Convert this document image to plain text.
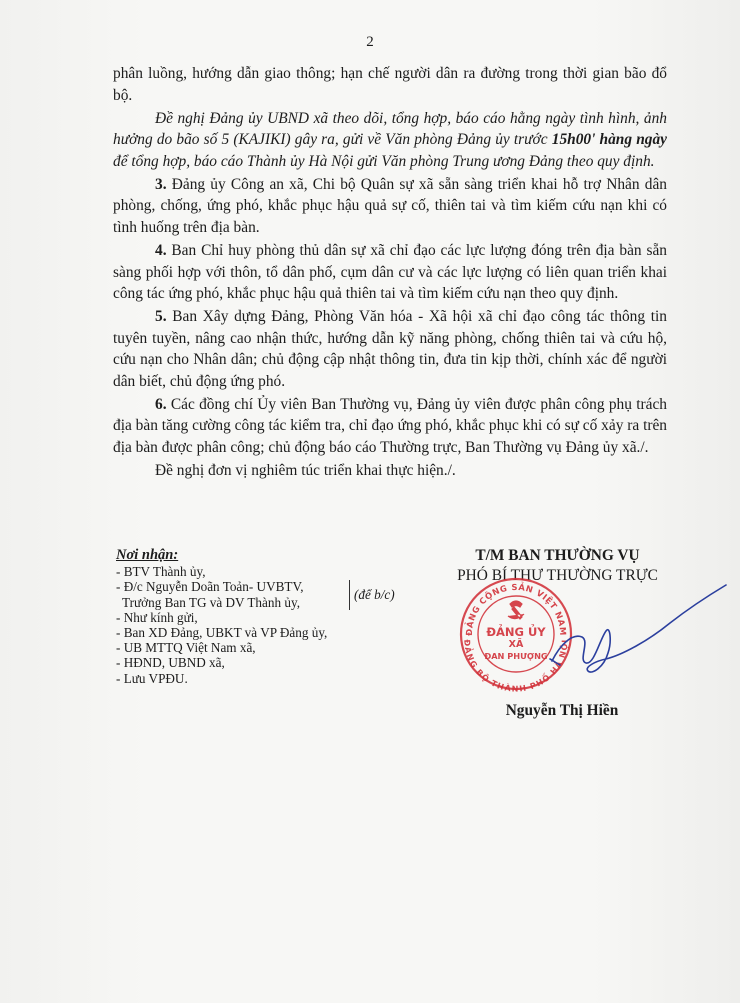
2

phân luồng, hướng dẫn giao thông; hạn chế người dân ra đường trong thời gian bão đổ bộ.

Đề nghị Đảng ủy UBND xã theo dõi, tổng hợp, báo cáo hằng ngày tình hình, ảnh hưởng do bão số 5 (KAJIKI) gây ra, gửi về Văn phòng Đảng ủy trước 15h00' hàng ngày để tổng hợp, báo cáo Thành ủy Hà Nội gửi Văn phòng Trung ương Đảng theo quy định.

3. Đảng ủy Công an xã, Chi bộ Quân sự xã sẵn sàng triển khai hỗ trợ Nhân dân phòng, chống, ứng phó, khắc phục hậu quả sự cố, thiên tai và tìm kiếm cứu nạn khi có tình huống trên địa bàn.

4. Ban Chỉ huy phòng thủ dân sự xã chỉ đạo các lực lượng đóng trên địa bàn sẵn sàng phối hợp với thôn, tổ dân phố, cụm dân cư và các lực lượng có liên quan triển khai công tác ứng phó, khắc phục hậu quả thiên tai và tìm kiếm cứu nạn theo quy định.

5. Ban Xây dựng Đảng, Phòng Văn hóa - Xã hội xã chỉ đạo công tác thông tin tuyên tuyền, nâng cao nhận thức, hướng dẫn kỹ năng phòng, chống thiên tai và cứu hộ, cứu nạn cho Nhân dân; chủ động cập nhật thông tin, đưa tin kịp thời, chính xác để người dân biết, chủ động ứng phó.

6. Các đồng chí Ủy viên Ban Thường vụ, Đảng ủy viên được phân công phụ trách địa bàn tăng cường công tác kiểm tra, chỉ đạo ứng phó, khắc phục khi có sự cố xảy ra trên địa bàn được phân công; chủ động báo cáo Thường trực, Ban Thường vụ Đảng ủy xã./.

Đề nghị đơn vị nghiêm túc triển khai thực hiện./.

Nơi nhận:
- BTV Thành ủy,
- Đ/c Nguyễn Doãn Toản- UVBTV,
Trưởng Ban TG và DV Thành ủy,	(để b/c)
- Như kính gửi,
- Ban XD Đảng, UBKT và VP Đảng ủy,
- UB MTTQ Việt Nam xã,
- HĐND, UBND xã,
- Lưu VPĐU.
T/M BAN THƯỜNG VỤ
PHÓ BÍ THƯ THƯỜNG TRỰC
ĐẢNG CỘNG SẢN VIỆT NAM
ĐẢNG BỘ THÀNH PHỐ HÀ NỘI
ĐẢNG ỦY
XÃ
ĐAN PHƯỢNG
Nguyễn Thị Hiền
